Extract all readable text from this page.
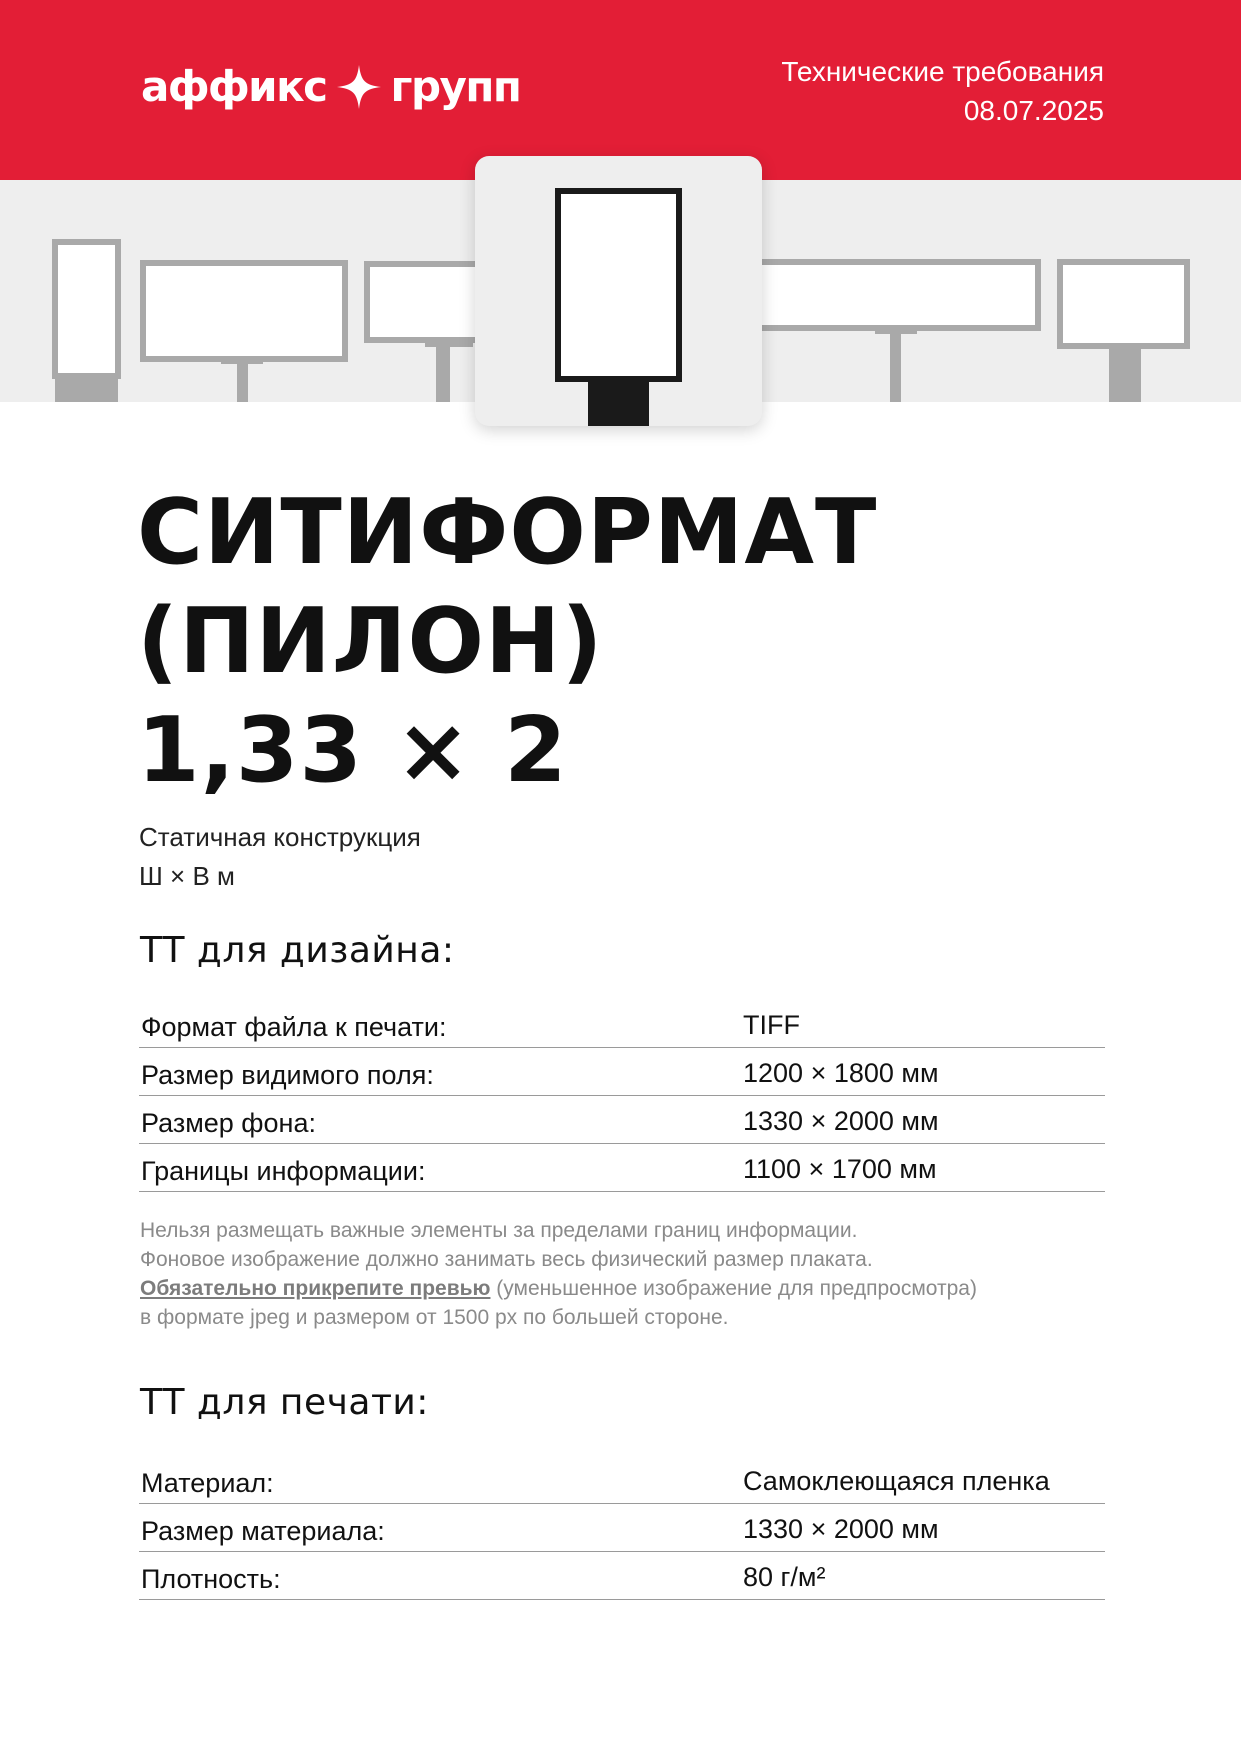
аффикс групп	Технические требования
08.07.2025
СИТИФОРМАТ
(ПИЛОН)
1,33 × 2
Статичная конструкция
Ш × В м
ТТ для дизайна:
Формат файла к печати:	TIFF
Размер видимого поля:	1200 × 1800 мм
Размер фона:	1330 × 2000 мм
Границы информации:	1100 × 1700 мм
Нельзя размещать важные элементы за пределами границ информации.
Фоновое изображение должно занимать весь физический размер плаката.
Обязательно прикрепите превью (уменьшенное изображение для предпросмотра)
в формате jpeg и размером от 1500 px по большей стороне.
ТТ для печати:
Материал:	Самоклеющаяся пленка
Размер материала:	1330 × 2000 мм
Плотность:	80 г/м²
